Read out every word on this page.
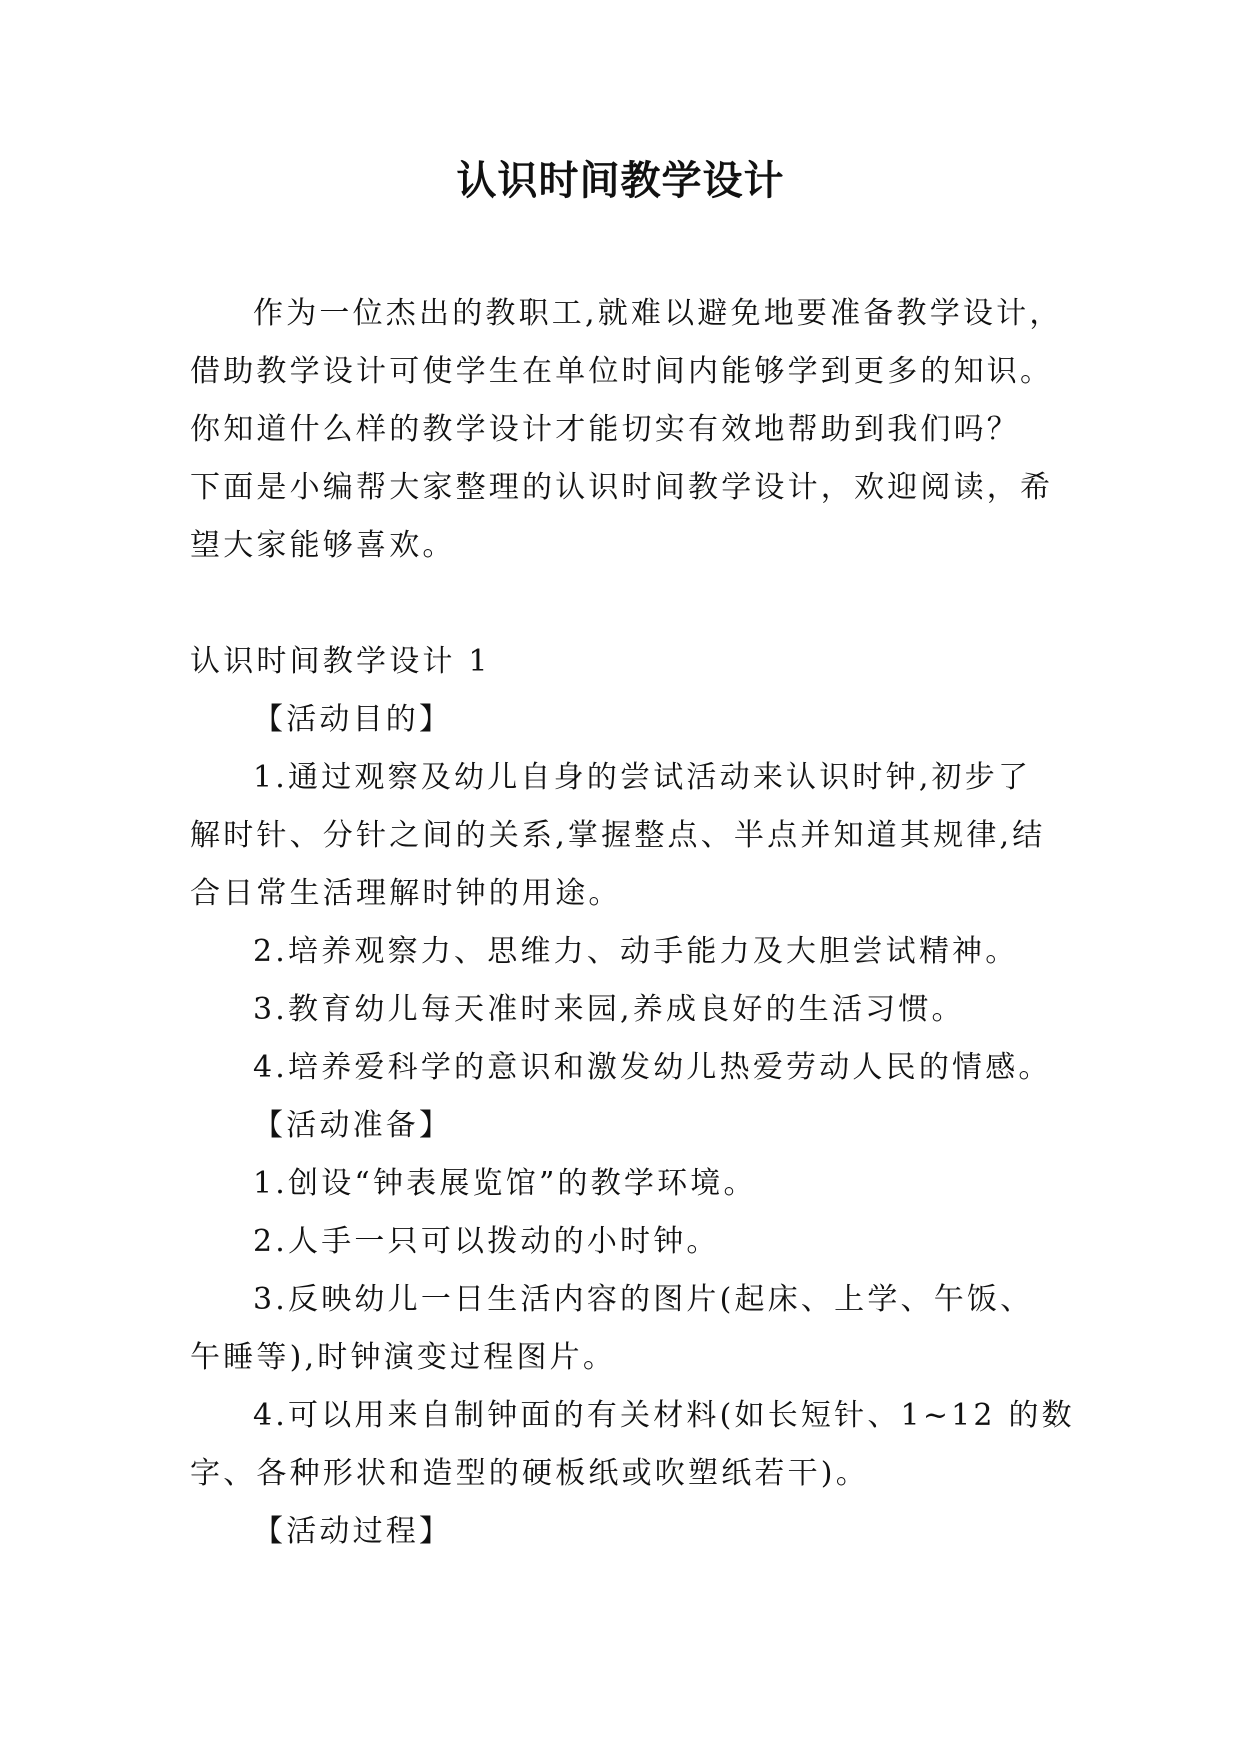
认识时间教学设计
作为一位杰出的教职工,就难以避免地要准备教学设计，
借助教学设计可使学生在单位时间内能够学到更多的知识。
你知道什么样的教学设计才能切实有效地帮助到我们吗？
下面是小编帮大家整理的认识时间教学设计，欢迎阅读，希
望大家能够喜欢。
认识时间教学设计 1
【活动目的】
1.通过观察及幼儿自身的尝试活动来认识时钟,初步了
解时针、分针之间的关系,掌握整点、半点并知道其规律,结
合日常生活理解时钟的用途。
2.培养观察力、思维力、动手能力及大胆尝试精神。
3.教育幼儿每天准时来园,养成良好的生活习惯。
4.培养爱科学的意识和激发幼儿热爱劳动人民的情感。
【活动准备】
1.创设“钟表展览馆”的教学环境。
2.人手一只可以拨动的小时钟。
3.反映幼儿一日生活内容的图片(起床、上学、午饭、
午睡等),时钟演变过程图片。
4.可以用来自制钟面的有关材料(如长短针、1~12 的数
字、各种形状和造型的硬板纸或吹塑纸若干)。
【活动过程】
